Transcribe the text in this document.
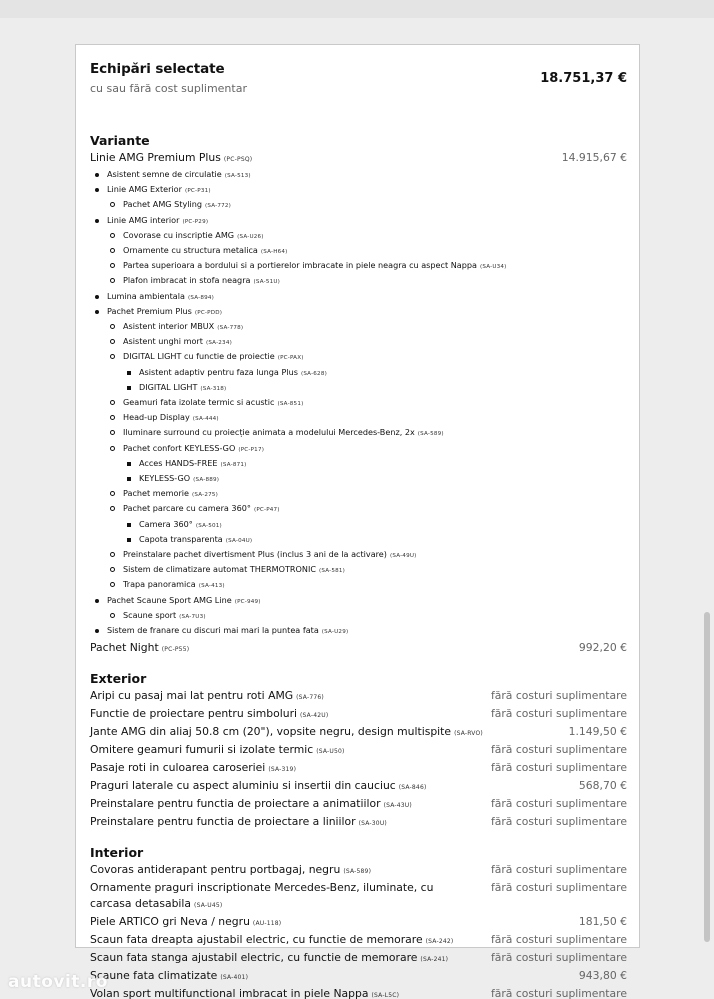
Echipări selectate
cu sau fără cost suplimentar
18.751,37 €
Variante
Linie AMG Premium Plus (PC-PSQ)	14.915,67 €
Asistent semne de circulatie (SA-513)
Linie AMG Exterior (PC-P31)
Pachet AMG Styling (SA-772)
Linie AMG interior (PC-P29)
Covorase cu inscriptie AMG (SA-U26)
Ornamente cu structura metalica (SA-H64)
Partea superioara a bordului si a portierelor imbracate in piele neagra cu aspect Nappa (SA-U34)
Plafon imbracat in stofa neagra (SA-51U)
Lumina ambientala (SA-894)
Pachet Premium Plus (PC-PDD)
Asistent interior MBUX (SA-778)
Asistent unghi mort (SA-234)
DIGITAL LIGHT cu functie de proiectie (PC-PAX)
Asistent adaptiv pentru faza lunga Plus (SA-628)
DIGITAL LIGHT (SA-318)
Geamuri fata izolate termic si acustic (SA-851)
Head-up Display (SA-444)
Iluminare surround cu proiecție animata a modelului Mercedes-Benz, 2x (SA-589)
Pachet confort KEYLESS-GO (PC-P17)
Acces HANDS-FREE (SA-871)
KEYLESS-GO (SA-889)
Pachet memorie (SA-275)
Pachet parcare cu camera 360° (PC-P47)
Camera 360° (SA-501)
Capota transparenta (SA-04U)
Preinstalare pachet divertisment Plus (inclus 3 ani de la activare) (SA-49U)
Sistem de climatizare automat THERMOTRONIC (SA-581)
Trapa panoramica (SA-413)
Pachet Scaune Sport AMG Line (PC-949)
Scaune sport (SA-7U3)
Sistem de franare cu discuri mai mari la puntea fata (SA-U29)
Pachet Night (PC-P55)	992,20 €
Exterior
Aripi cu pasaj mai lat pentru roti AMG (SA-776)	fără costuri suplimentare
Functie de proiectare pentru simboluri (SA-42U)	fără costuri suplimentare
Jante AMG din aliaj 50.8 cm (20"), vopsite negru, design multispite (SA-RVO)	1.149,50 €
Omitere geamuri fumurii si izolate termic (SA-U50)	fără costuri suplimentare
Pasaje roti in culoarea caroseriei (SA-319)	fără costuri suplimentare
Praguri laterale cu aspect aluminiu si insertii din cauciuc (SA-846)	568,70 €
Preinstalare pentru functia de proiectare a animatiilor (SA-43U)	fără costuri suplimentare
Preinstalare pentru functia de proiectare a liniilor (SA-30U)	fără costuri suplimentare
Interior
Covoras antiderapant pentru portbagaj, negru (SA-589)	fără costuri suplimentare
Ornamente praguri inscriptionate Mercedes-Benz, iluminate, cu carcasa detasabila (SA-U45)
fără costuri suplimentare
Piele ARTICO gri Neva / negru (AU-118)	181,50 €
Scaun fata dreapta ajustabil electric, cu functie de memorare (SA-242)	fără costuri suplimentare
Scaun fata stanga ajustabil electric, cu functie de memorare (SA-241)	fără costuri suplimentare
Scaune fata climatizate (SA-401)	943,80 €
Volan sport multifunctional imbracat in piele Nappa (SA-L5C)	fără costuri suplimentare
autovit.ro
